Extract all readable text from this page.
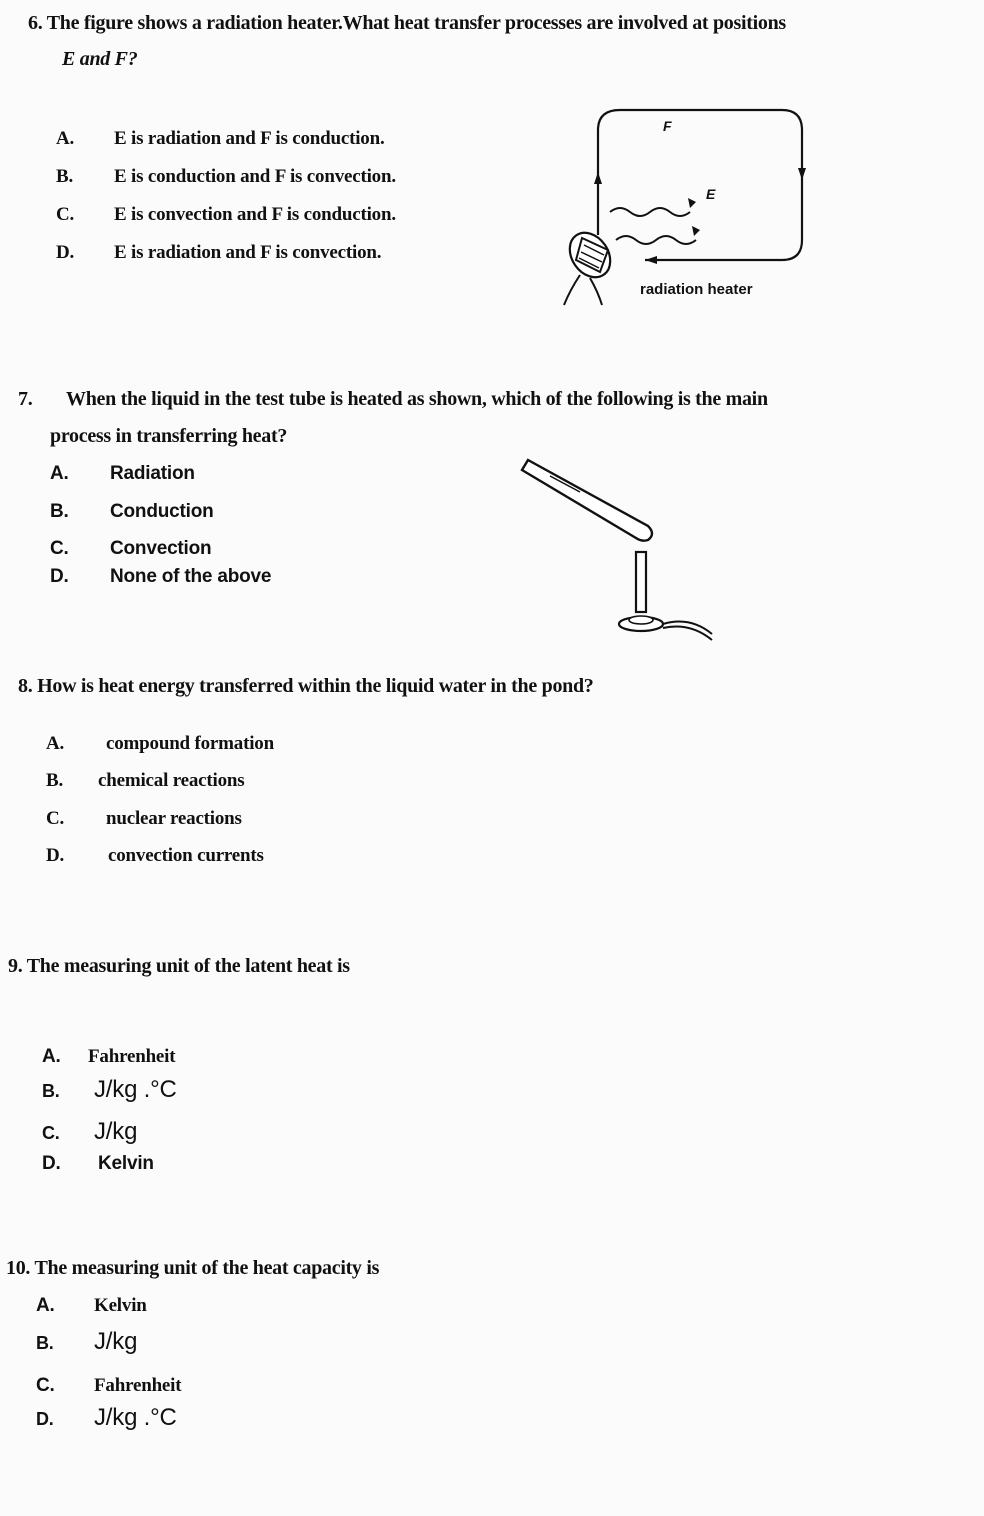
6. The figure shows a radiation heater.What heat transfer processes are involved at positions
E and F?
A. E is radiation and F is conduction.
B. E is conduction and F is convection.
C. E is convection and F is conduction.
D. E is radiation and F is convection.
F
E
radiation heater
7. When the liquid in the test tube is heated as shown, which of the following is the main
process in transferring heat?
A. Radiation
B. Conduction
C. Convection
D. None of the above
8. How is heat energy transferred within the liquid water in the pond?
A. compound formation
B. chemical reactions
C. nuclear reactions
D. convection currents
9. The measuring unit of the latent heat is
A. Fahrenheit
B. J/kg .°C
C. J/kg
D. Kelvin
10. The measuring unit of the heat capacity is
A. Kelvin
B. J/kg
C. Fahrenheit
D. J/kg .°C
